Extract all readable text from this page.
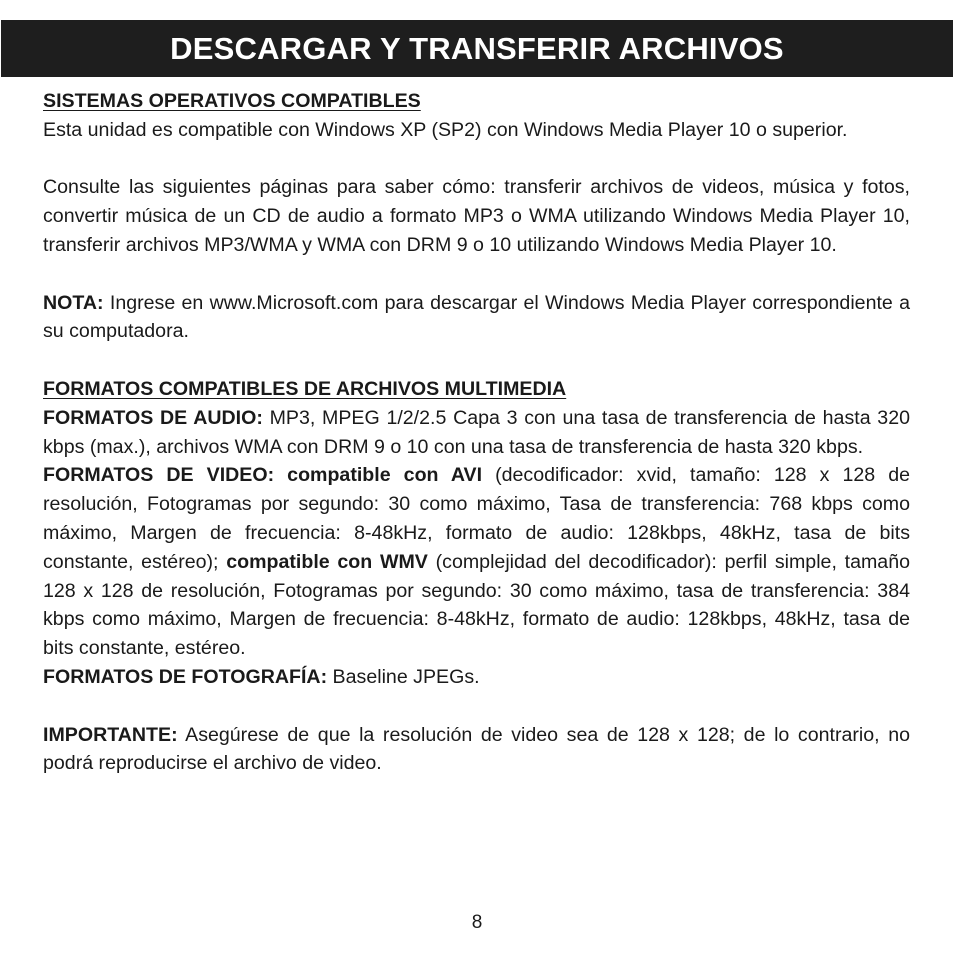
DESCARGAR Y TRANSFERIR ARCHIVOS

SISTEMAS OPERATIVOS COMPATIBLES

Esta unidad es compatible con Windows XP (SP2) con Windows Media Player 10 o superior.

Consulte las siguientes páginas para saber cómo: transferir archivos de videos, música y fotos, convertir música de un CD de audio a formato MP3 o WMA utilizando Windows Media Player 10, transferir archivos MP3/WMA y WMA con DRM 9 o 10 utilizando Windows Media Player 10.

NOTA: Ingrese en www.Microsoft.com para descargar el Windows Media Player correspondiente a su computadora.

FORMATOS COMPATIBLES DE ARCHIVOS MULTIMEDIA

FORMATOS DE AUDIO: MP3, MPEG 1/2/2.5 Capa 3 con una tasa de transferencia de hasta 320 kbps (max.), archivos WMA con DRM 9 o 10 con una tasa de transferencia de hasta 320 kbps.

FORMATOS DE VIDEO: compatible con AVI (decodificador: xvid, tamaño: 128 x 128 de resolución, Fotogramas por segundo: 30 como máximo, Tasa de transferencia: 768 kbps como máximo, Margen de frecuencia: 8-48kHz, formato de audio: 128kbps, 48kHz, tasa de bits constante, estéreo); compatible con WMV (complejidad del decodificador): perfil simple, tamaño 128 x 128 de resolución, Fotogramas por segundo: 30 como máximo, tasa de transferencia: 384 kbps como máximo, Margen de frecuencia: 8-48kHz, formato de audio: 128kbps, 48kHz, tasa de bits constante, estéreo.

FORMATOS DE FOTOGRAFÍA: Baseline JPEGs.

IMPORTANTE: Asegúrese de que la resolución de video sea de 128 x 128; de lo contrario, no podrá reproducirse el archivo de video.

8
